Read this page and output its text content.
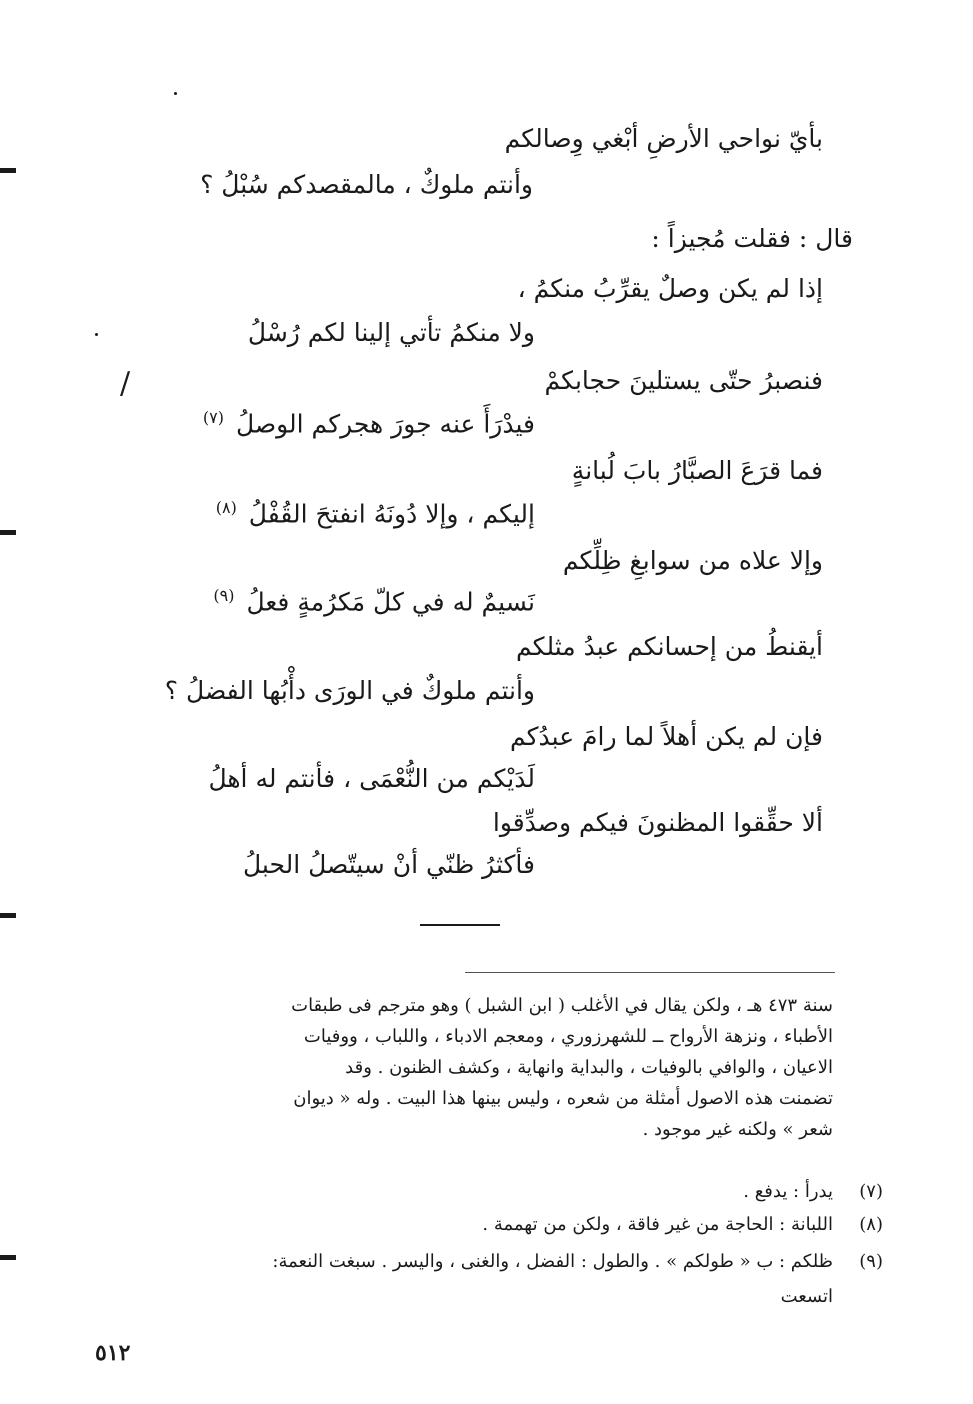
بأيّ نواحي الأرضِ أبْغي وِصالكم

وأنتم ملوكٌ ، مالمقصدكم سُبْلُ ؟

قال : فقلت مُجيزاً :

إذا لم يكن وصلٌ يقرِّبُ منكمُ ،

ولا منكمُ تأتي إلينا لكم رُسْلُ

فنصبرُ حتّى يستلينَ حجابكمْ

/

فيدْرَأَ عنه جورَ هجركم الوصلُ $^{(٧)}$

فما قرَعَ الصبَّارُ بابَ لُبانةٍ

إليكم ، وإلا دُونَهُ انفتحَ القُفْلُ $^{(٨)}$

وإلا علاه من سوابغِ ظِلِّكم

نَسيمٌ له في كلّ مَكرُمةٍ فعلُ $^{(٩)}$

أيقنطُ من إحسانكم عبدُ مثلكم

وأنتم ملوكٌ في الورَى دأْبُها الفضلُ ؟

فإن لم يكن أهلاً لما رامَ عبدُكم

لَدَيْكم من النُّعْمَى ، فأنتم له أهلُ

ألا حقِّقوا المظنونَ فيكم وصدِّقوا

فأكثرُ ظنّي أنْ سيتّصلُ الحبلُ

سنة ٤٧٣ هـ ، ولكن يقال في الأغلب ( ابن الشبل ) وهو مترجم فى طبقات
الأطباء ، ونزهة الأرواح ــ للشهرزوري ، ومعجم الادباء ، واللباب ، ووفيات
الاعيان ، والوافي بالوفيات ، والبداية وانهاية ، وكشف الظنون . وقد
تضمنت هذه الاصول أمثلة من شعره ، وليس بينها هذا البيت . وله « ديوان
شعر » ولكنه غير موجود .

(٧)
يدرأ : يدفع .
(٨)
اللبانة : الحاجة من غير فاقة ، ولكن من تهممة .
(٩)
ظلكم : ب « طولكم » . والطول : الفضل ، والغنى ، واليسر . سبغت النعمة:
اتسعت
٥١٢
